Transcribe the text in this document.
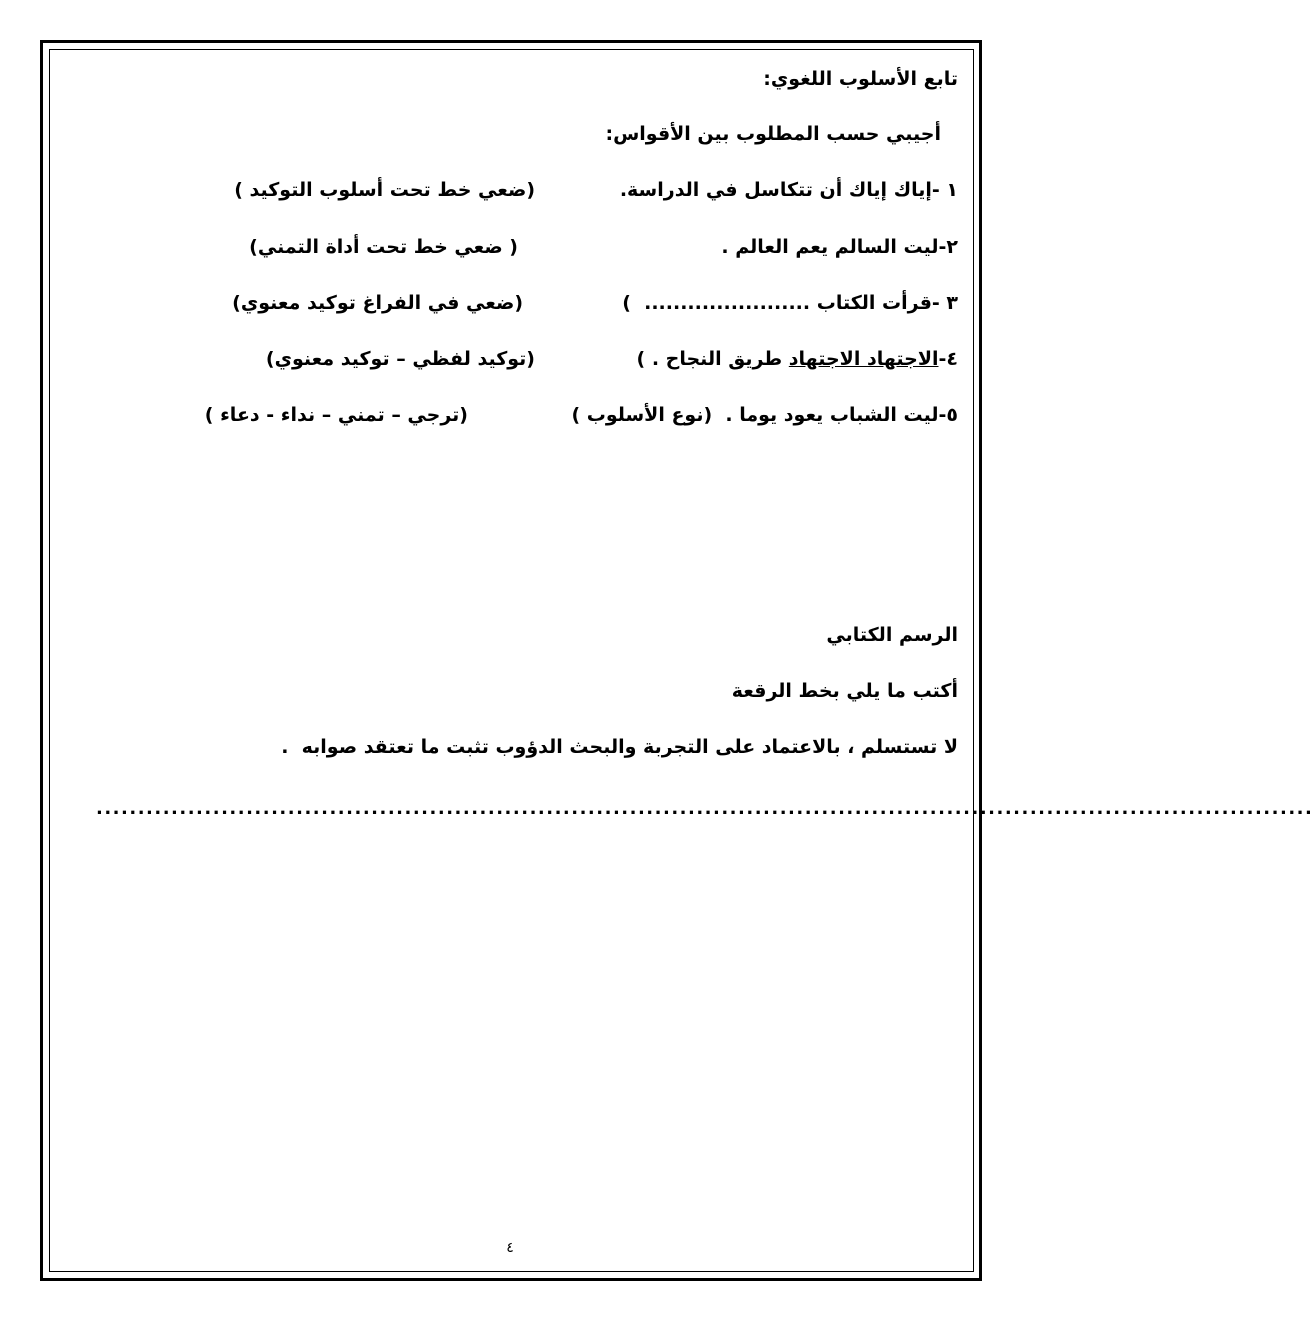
تابع الأسلوب اللغوي:
أجيبي حسب المطلوب بين الأقواس:
١ -إياك إياك أن تتكاسل في الدراسة.
(ضعي خط تحت أسلوب التوكيد )
٢-ليت السالم يعم العالم .
( ضعي خط تحت أداة التمني)
٣ -قرأت الكتاب .......................  )
(ضعي في الفراغ توكيد معنوي)
٤-الاجتهاد الاجتهاد طريق النجاح . )
(توكيد لفظي – توكيد معنوي)
٥-ليت الشباب يعود يوما .  (نوع الأسلوب )
(ترجي – تمني – نداء - دعاء )
الرسم الكتابي
أكتب ما يلي بخط الرقعة
لا تستسلم ، بالاعتماد على التجربة والبحث الدؤوب تثبت ما تعتقد صوابه  .
..................................................................................................................................................
٤
